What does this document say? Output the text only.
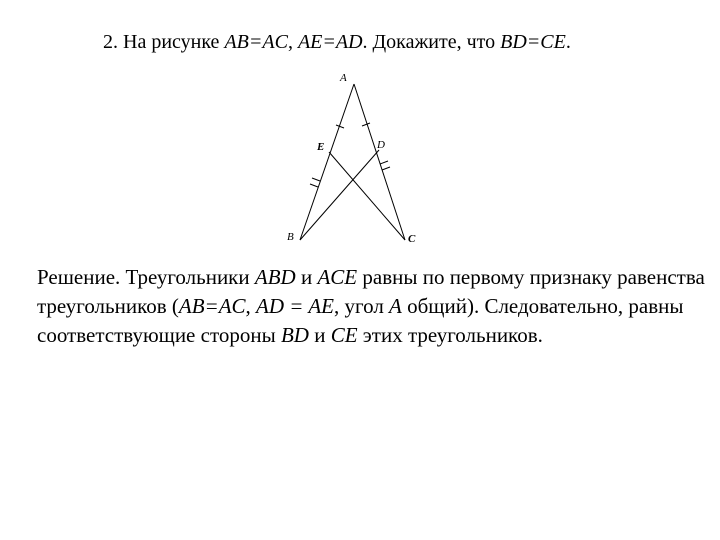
2. На рисунке AB=AC, AE=AD. Докажите, что BD=CE.
A
E	D
B	C

Решение. Треугольники ABD и ACE равны по первому признаку равенства треугольников (AB=AC, AD = AE, угол A общий). Следовательно, равны соответствующие стороны BD и CE этих треугольников.
